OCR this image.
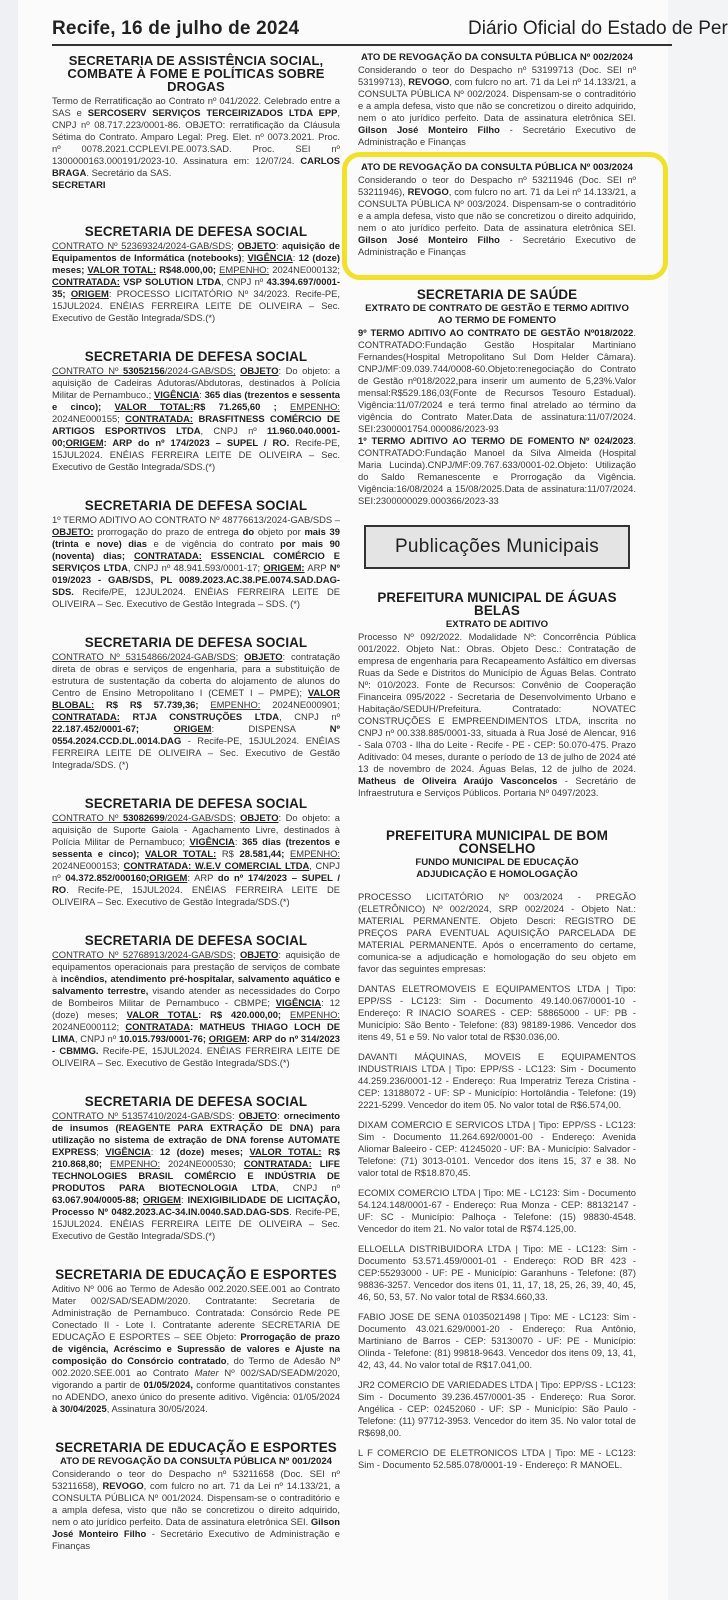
Recife, 16 de julho de 2024	Diário Oficial do Estado de Per
SECRETARIA DE ASSISTÊNCIA SOCIAL, COMBATE À FOME E POLÍTICAS SOBRE DROGAS

Termo de Rerratificação ao Contrato nº 041/2022. Celebrado entre a SAS e SERCOSERV SERVIÇOS TERCEIRIZADOS LTDA EPP, CNPJ nº 08.717.223/0001-86. OBJETO: rerratificação da Cláusula Sétima do Contrato. Amparo Legal: Preg. Elet. nº 0073.2021. Proc. nº 0078.2021.CCPLEVI.PE.0073.SAD. Proc. SEI nº 1300000163.000191/2023-10. Assinatura em: 12/07/24. CARLOS BRAGA. Secretário da SAS.
SECRETARI

SECRETARIA DE DEFESA SOCIAL

CONTRATO Nº 52369324/2024-GAB/SDS; OBJETO: aquisição de Equipamentos de Informática (notebooks); VIGÊNCIA: 12 (doze) meses; VALOR TOTAL: R$48.000,00; EMPENHO: 2024NE000132; CONTRATADA: VSP SOLUTION LTDA, CNPJ nº 43.394.697/0001-35; ORIGEM: PROCESSO LICITATÓRIO Nº 34/2023. Recife-PE, 15JUL2024. ENÉIAS FERREIRA LEITE DE OLIVEIRA – Sec. Executivo de Gestão Integrada/SDS.(*)

SECRETARIA DE DEFESA SOCIAL

CONTRATO Nº 53052156/2024-GAB/SDS; OBJETO: Do objeto: a aquisição de Cadeiras Adutoras/Abdutoras, destinados à Polícia Militar de Pernambuco.; VIGÊNCIA: 365 dias (trezentos e sessenta e cinco); VALOR TOTAL:R$ 71.265,60 ; EMPENHO: 2024NE000155; CONTRATADA: BRASFITNESS COMÉRCIO DE ARTIGOS ESPORTIVOS LTDA, CNPJ nº 11.960.040.0001-00;ORIGEM: ARP do nº 174/2023 – SUPEL / RO. Recife-PE, 15JUL2024. ENÉIAS FERREIRA LEITE DE OLIVEIRA – Sec. Executivo de Gestão Integrada/SDS.(*)

SECRETARIA DE DEFESA SOCIAL

1º TERMO ADITIVO AO CONTRATO Nº 48776613/2024-GAB/SDS – OBJETO: prorrogação do prazo de entrega do objeto por mais 39 (trinta e nove) dias e de vigência do contrato por mais 90 (noventa) dias; CONTRATADA: ESSENCIAL COMÉRCIO E SERVIÇOS LTDA, CNPJ nº 48.941.593/0001-17; ORIGEM: ARP Nº 019/2023 - GAB/SDS, PL 0089.2023.AC.38.PE.0074.SAD.DAG-SDS. Recife/PE, 12JUL2024. ENÉIAS FERREIRA LEITE DE OLIVEIRA – Sec. Executivo de Gestão Integrada – SDS. (*)

SECRETARIA DE DEFESA SOCIAL

CONTRATO Nº 53154866/2024-GAB/SDS; OBJETO: contratação direta de obras e serviços de engenharia, para a substituição de estrutura de sustentação da coberta do alojamento de alunos do Centro de Ensino Metropolitano I (CEMET I – PMPE); VALOR BLOBAL: R$ R$ 57.739,36; EMPENHO: 2024NE000901; CONTRATADA: RTJA CONSTRUÇÕES LTDA, CNPJ nº 22.187.452/0001-67; ORIGEM: DISPENSA Nº 0554.2024.CCD.DL.0014.DAG - Recife-PE, 15JUL2024. ENÉIAS FERREIRA LEITE DE OLIVEIRA – Sec. Executivo de Gestão Integrada/SDS. (*)

SECRETARIA DE DEFESA SOCIAL

CONTRATO Nº 53082699/2024-GAB/SDS; OBJETO: Do objeto: a aquisição de Suporte Gaiola - Agachamento Livre, destinados à Polícia Militar de Pernambuco; VIGÊNCIA: 365 dias (trezentos e sessenta e cinco); VALOR TOTAL: R$ 28.581,44; EMPENHO: 2024NE000153; CONTRATADA: W.E.V COMERCIAL LTDA, CNPJ nº 04.372.852/000160;ORIGEM: ARP do nº 174/2023 – SUPEL / RO. Recife-PE, 15JUL2024. ENÉIAS FERREIRA LEITE DE OLIVEIRA – Sec. Executivo de Gestão Integrada/SDS.(*)

SECRETARIA DE DEFESA SOCIAL

CONTRATO Nº 52768913/2024-GAB/SDS; OBJETO: aquisição de equipamentos operacionais para prestação de serviços de combate à incêndios, atendimento pré-hospitalar, salvamento aquático e salvamento terrestre, visando atender as necessidades do Corpo de Bombeiros Militar de Pernambuco - CBMPE; VIGÊNCIA: 12 (doze) meses; VALOR TOTAL: R$ 420.000,00; EMPENHO: 2024NE000112; CONTRATADA: MATHEUS THIAGO LOCH DE LIMA, CNPJ nº 10.015.793/0001-76; ORIGEM: ARP do nº 314/2023 - CBMMG. Recife-PE, 15JUL2024. ENÉIAS FERREIRA LEITE DE OLIVEIRA – Sec. Executivo de Gestão Integrada/SDS.(*)

SECRETARIA DE DEFESA SOCIAL

CONTRATO Nº 51357410/2024-GAB/SDS: OBJETO: ornecimento de insumos (REAGENTE PARA EXTRAÇÃO DE DNA) para utilização no sistema de extração de DNA forense AUTOMATE EXPRESS; VIGÊNCIA: 12 (doze) meses; VALOR TOTAL: R$ 210.868,80; EMPENHO: 2024NE000530; CONTRATADA: LIFE TECHNOLOGIES BRASIL COMÉRCIO E INDÚSTRIA DE PRODUTOS PARA BIOTECNOLOGIA LTDA, CNPJ nº 63.067.904/0005-88; ORIGEM: INEXIGIBILIDADE DE LICITAÇÃO, Processo Nº 0482.2023.AC-34.IN.0040.SAD.DAG-SDS. Recife-PE, 15JUL2024. ENÉIAS FERREIRA LEITE DE OLIVEIRA – Sec. Executivo de Gestão Integrada/SDS.(*)

SECRETARIA DE EDUCAÇÃO E ESPORTES

Aditivo Nº 006 ao Termo de Adesão 002.2020.SEE.001 ao Contrato Mater 002/SAD/SEADM/2020. Contratante: Secretaria de Administração de Pernambuco. Contratada: Consórcio Rede PE Conectado II - Lote I. Contratante aderente SECRETARIA DE EDUCAÇÃO E ESPORTES – SEE Objeto: Prorrogação de prazo de vigência, Acréscimo e Supressão de valores e Ajuste na composição do Consórcio contratado, do Termo de Adesão Nº 002.2020.SEE.001 ao Contrato Mater Nº 002/SAD/SEADM/2020, vigorando a partir de 01/05/2024, conforme quantitativos constantes no ADENDO, anexo único do presente aditivo. Vigência: 01/05/2024 à 30/04/2025, Assinatura 30/05/2024.

SECRETARIA DE EDUCAÇÃO E ESPORTES
ATO DE REVOGAÇÃO DA CONSULTA PÚBLICA Nº 001/2024

Considerando o teor do Despacho nº 53211658 (Doc. SEI nº 53211658), REVOGO, com fulcro no art. 71 da Lei nº 14.133/21, a CONSULTA PÚBLICA Nº 001/2024. Dispensam-se o contraditório e a ampla defesa, visto que não se concretizou o direito adquirido, nem o ato jurídico perfeito. Data de assinatura eletrônica SEI. Gilson José Monteiro Filho - Secretário Executivo de Administração e Finanças

ATO DE REVOGAÇÃO DA CONSULTA PÚBLICA Nº 002/2024

Considerando o teor do Despacho nº 53199713 (Doc. SEI nº 53199713), REVOGO, com fulcro no art. 71 da Lei nº 14.133/21, a CONSULTA PÚBLICA Nº 002/2024. Dispensam-se o contraditório e a ampla defesa, visto que não se concretizou o direito adquirido, nem o ato jurídico perfeito. Data de assinatura eletrônica SEI. Gilson José Monteiro Filho - Secretário Executivo de Administração e Finanças

ATO DE REVOGAÇÃO DA CONSULTA PÚBLICA Nº 003/2024

Considerando o teor do Despacho nº 53211946 (Doc. SEI nº 53211946), REVOGO, com fulcro no art. 71 da Lei nº 14.133/21, a CONSULTA PÚBLICA Nº 003/2024. Dispensam-se o contraditório e a ampla defesa, visto que não se concretizou o direito adquirido, nem o ato jurídico perfeito. Data de assinatura eletrônica SEI. Gilson José Monteiro Filho - Secretário Executivo de Administração e Finanças

SECRETARIA DE SAÚDE
EXTRATO DE CONTRATO DE GESTÃO E TERMO ADITIVO AO TERMO DE FOMENTO

9º TERMO ADITIVO AO CONTRATO DE GESTÃO Nº018/2022. CONTRATADO:Fundação Gestão Hospitalar Martiniano Fernandes(Hospital Metropolitano Sul Dom Helder Câmara). CNPJ/MF:09.039.744/0008-60.Objeto:renegociação do Contrato de Gestão nº018/2022,para inserir um aumento de 5,23%.Valor mensal:R$529.186,03(Fonte de Recursos Tesouro Estadual). Vigência:11/07/2024 e terá termo final atrelado ao término da vigência do Contrato Mater.Data de assinatura:11/07/2024. SEI:2300001754.000086/2023-93
1º TERMO ADITIVO AO TERMO DE FOMENTO Nº 024/2023. CONTRATADO:Fundação Manoel da Silva Almeida (Hospital Maria Lucinda).CNPJ/MF:09.767.633/0001-02.Objeto: Utilização do Saldo Remanescente e Prorrogação da Vigência. Vigência:16/08/2024 a 15/08/2025.Data de assinatura:11/07/2024. SEI:2300000029.000366/2023-33

Publicações Municipais
PREFEITURA MUNICIPAL DE ÁGUAS BELAS
EXTRATO DE ADITIVO

Processo Nº 092/2022. Modalidade Nº: Concorrência Pública 001/2022. Objeto Nat.: Obras. Objeto Desc.: Contratação de empresa de engenharia para Recapeamento Asfáltico em diversas Ruas da Sede e Distritos do Município de Águas Belas. Contrato Nº: 010/2023. Fonte de Recursos: Convênio de Cooperação Financeira 095/2022 - Secretaria de Desenvolvimento Urbano e Habitação/SEDUH/Prefeitura. Contratado: NOVATEC CONSTRUÇÕES E EMPREENDIMENTOS LTDA, inscrita no CNPJ nº 00.338.885/0001-33, situada à Rua José de Alencar, 916 - Sala 0703 - Ilha do Leite - Recife - PE - CEP: 50.070-475. Prazo Aditivado: 04 meses, durante o período de 13 de julho de 2024 até 13 de novembro de 2024. Águas Belas, 12 de julho de 2024. Matheus de Oliveira Araújo Vasconcelos - Secretário de Infraestrutura e Serviços Públicos. Portaria Nº 0497/2023.

PREFEITURA MUNICIPAL DE BOM CONSELHO
FUNDO MUNICIPAL DE EDUCAÇÃO
ADJUDICAÇÃO E HOMOLOGAÇÃO

PROCESSO LICITATÓRIO Nº 003/2024 - PREGÃO (ELETRÔNICO) Nº 002/2024, SRP 002/2024 - Objeto Nat.: MATERIAL PERMANENTE. Objeto Descri: REGISTRO DE PREÇOS PARA EVENTUAL AQUISIÇÃO PARCELADA DE MATERIAL PERMANENTE. Após o encerramento do certame, comunica-se a adjudicação e homologação do seu objeto em favor das seguintes empresas:

DANTAS ELETROMOVEIS E EQUIPAMENTOS LTDA | Tipo: EPP/SS - LC123: Sim - Documento 49.140.067/0001-10 - Endereço: R INACIO SOARES - CEP: 58865000 - UF: PB - Município: São Bento - Telefone: (83) 98189-1986. Vencedor dos itens 49, 51 e 59. No valor total de R$30.036,00.

DAVANTI MÁQUINAS, MOVEIS E EQUIPAMENTOS INDUSTRIAIS LTDA | Tipo: EPP/SS - LC123: Sim - Documento 44.259.236/0001-12 - Endereço: Rua Imperatriz Tereza Cristina - CEP: 13188072 - UF: SP - Município: Hortolândia - Telefone: (19) 2221-5299. Vencedor do item 05. No valor total de R$6.574,00.

DIXAM COMERCIO E SERVICOS LTDA | Tipo: EPP/SS - LC123: Sim - Documento 11.264.692/0001-00 - Endereço: Avenida Aliomar Baleeiro - CEP: 41245020 - UF: BA - Município: Salvador - Telefone: (71) 3013-0101. Vencedor dos itens 15, 37 e 38. No valor total de R$18.870,45.

ECOMIX COMERCIO LTDA | Tipo: ME - LC123: Sim - Documento 54.124.148/0001-67 - Endereço: Rua Monza - CEP: 88132147 - UF: SC - Município: Palhoça - Telefone: (15) 98830-4548. Vencedor do item 21. No valor total de R$74.125,00.

ELLOELLA DISTRIBUIDORA LTDA | Tipo: ME - LC123: Sim - Documento 53.571.459/0001-01 - Endereço: ROD BR 423 - CEP:55293000 - UF: PE - Município: Garanhuns - Telefone: (87) 98836-3257. Vencedor dos itens 01, 11, 17, 18, 25, 26, 39, 40, 45, 46, 50, 53, 57. No valor total de R$34.660,33.

FABIO JOSE DE SENA 01035021498 | Tipo: ME - LC123: Sim - Documento 43.021.629/0001-20 - Endereço: Rua Antônio, Martiniano de Barros - CEP: 53130070 - UF: PE - Município: Olinda - Telefone: (81) 99818-9643. Vencedor dos itens 09, 13, 41, 42, 43, 44. No valor total de R$17.041,00.

JR2 COMERCIO DE VARIEDADES LTDA | Tipo: EPP/SS - LC123: Sim - Documento 39.236.457/0001-35 - Endereço: Rua Soror. Angélica - CEP: 02452060 - UF: SP - Município: São Paulo - Telefone: (11) 97712-3953. Vencedor do item 35. No valor total de R$698,00.

L F COMERCIO DE ELETRONICOS LTDA | Tipo: ME - LC123: Sim - Documento 52.585.078/0001-19 - Endereço: R MANOEL.
